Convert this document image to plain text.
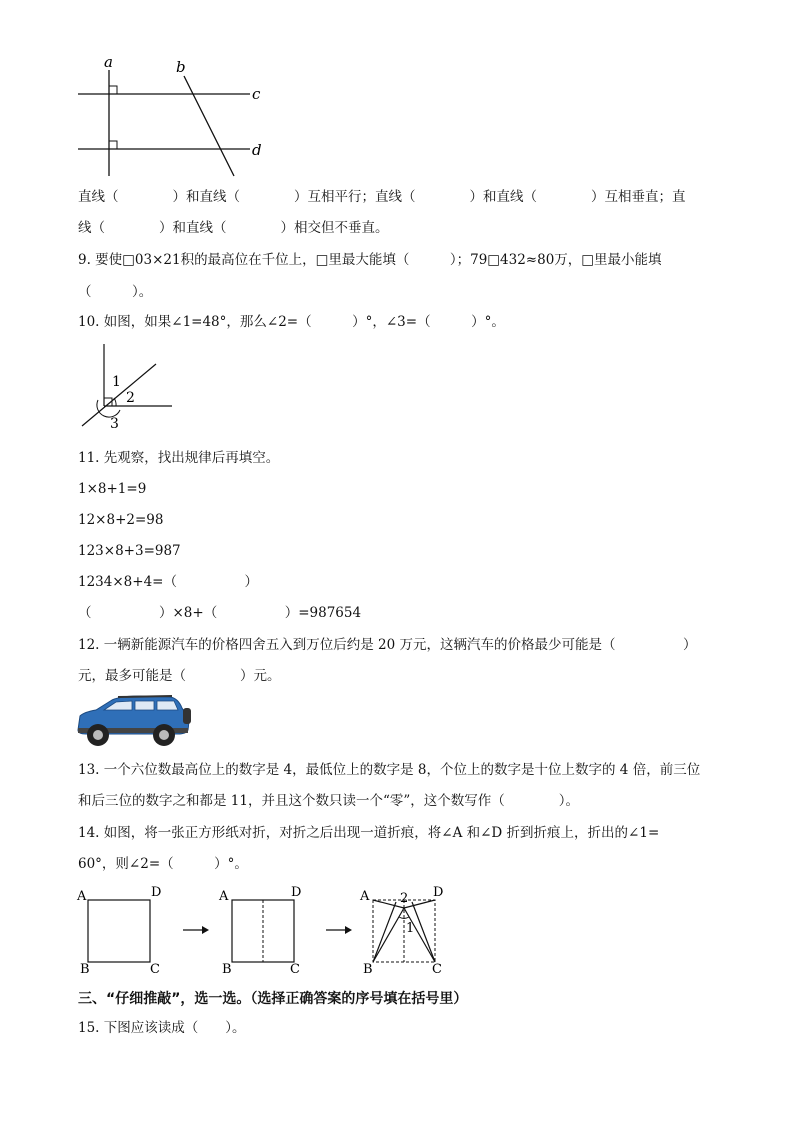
a	b
c
d
直线（　　　　）和直线（　　　　）互相平行；直线（　　　　）和直线（　　　　）互相垂直；直
线（　　　　）和直线（　　　　）相交但不垂直。
9. 要使□03×21积的最高位在千位上，□里最大能填（　　　）；79□432≈80万，□里最小能填
（　　　）。
10. 如图，如果∠1=48°，那么∠2=（　　　）°，∠3=（　　　）°。
1
2
3
11. 先观察，找出规律后再填空。
1×8+1=9
12×8+2=98
123×8+3=987
1234×8+4=（　　　　　）
（　　　　　）×8+（　　　　　）=987654
12. 一辆新能源汽车的价格四舍五入到万位后约是 20 万元，这辆汽车的价格最少可能是（　　　　　）
元，最多可能是（　　　　）元。
13. 一个六位数最高位上的数字是 4，最低位上的数字是 8，个位上的数字是十位上数字的 4 倍，前三位
和后三位的数字之和都是 11，并且这个数只读一个“零”，这个数写作（　　　　）。
14. 如图，将一张正方形纸对折，对折之后出现一道折痕，将∠A 和∠D 折到折痕上，折出的∠1=
60°，则∠2=（　　　）°。
A	D
B	C
A	D
B	C
2
1
A	D
B	C
三、“仔细推敲”，选一选。（选择正确答案的序号填在括号里）
15. 下图应该读成（　　）。
